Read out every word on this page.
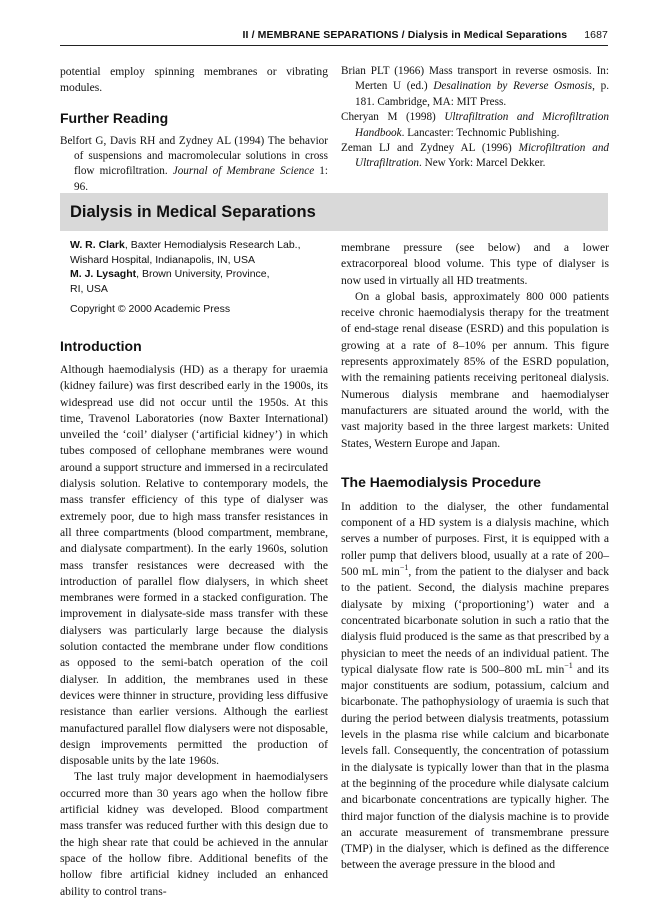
II / MEMBRANE SEPARATIONS / Dialysis in Medical Separations 1687

potential employ spinning membranes or vibrating modules.

Further Reading

Belfort G, Davis RH and Zydney AL (1994) The behavior of suspensions and macromolecular solutions in cross flow microfiltration. Journal of Membrane Science 1: 96.

Brian PLT (1966) Mass transport in reverse osmosis. In: Merten U (ed.) Desalination by Reverse Osmosis, p. 181. Cambridge, MA: MIT Press.

Cheryan M (1998) Ultrafiltration and Microfiltration Handbook. Lancaster: Technomic Publishing.

Zeman LJ and Zydney AL (1996) Microfiltration and Ultrafiltration. New York: Marcel Dekker.

Dialysis in Medical Separations
W. R. Clark, Baxter Hemodialysis Research Lab.,
Wishard Hospital, Indianapolis, IN, USA
M. J. Lysaght, Brown University, Province,
RI, USA
Copyright © 2000 Academic Press
Introduction

Although haemodialysis (HD) as a therapy for uraemia (kidney failure) was first described early in the 1900s, its widespread use did not occur until the 1950s. At this time, Travenol Laboratories (now Baxter International) unveiled the ‘coil’ dialyser (‘artificial kidney’) in which tubes composed of cellophane membranes were wound around a support structure and immersed in a recirculated dialysis solution. Relative to contemporary models, the mass transfer efficiency of this type of dialyser was extremely poor, due to high mass transfer resistances in all three compartments (blood compartment, membrane, and dialysate compartment). In the early 1960s, solution mass transfer resistances were decreased with the introduction of parallel flow dialysers, in which sheet membranes were formed in a stacked configuration. The improvement in dialysate-side mass transfer with these dialysers was particularly large because the dialysis solution contacted the membrane under flow conditions as opposed to the semi-batch operation of the coil dialyser. In addition, the membranes used in these devices were thinner in structure, providing less diffusive resistance than earlier versions. Although the earliest manufactured parallel flow dialysers were not disposable, design improvements permitted the production of disposable units by the late 1960s.

The last truly major development in haemodialysers occurred more than 30 years ago when the hollow fibre artificial kidney was developed. Blood compartment mass transfer was reduced further with this design due to the high shear rate that could be achieved in the annular space of the hollow fibre. Additional benefits of the hollow fibre artificial kidney included an enhanced ability to control trans-

membrane pressure (see below) and a lower extracorporeal blood volume. This type of dialyser is now used in virtually all HD treatments.

On a global basis, approximately 800 000 patients receive chronic haemodialysis therapy for the treatment of end-stage renal disease (ESRD) and this population is growing at a rate of 8–10% per annum. This figure represents approximately 85% of the ESRD population, with the remaining patients receiving peritoneal dialysis. Numerous dialysis membrane and haemodialyser manufacturers are situated around the world, with the vast majority based in the three largest markets: United States, Western Europe and Japan.

The Haemodialysis Procedure

In addition to the dialyser, the other fundamental component of a HD system is a dialysis machine, which serves a number of purposes. First, it is equipped with a roller pump that delivers blood, usually at a rate of 200–500 mL $\min^{-1}$, from the patient to the dialyser and back to the patient. Second, the dialysis machine prepares dialysate by mixing (‘proportioning’) water and a concentrated bicarbonate solution in such a ratio that the dialysis fluid produced is the same as that prescribed by a physician to meet the needs of an individual patient. The typical dialysate flow rate is 500–800 mL $\min^{-1}$ and its major constituents are sodium, potassium, calcium and bicarbonate. The pathophysiology of uraemia is such that during the period between dialysis treatments, potassium levels in the plasma rise while calcium and bicarbonate levels fall. Consequently, the concentration of potassium in the dialysate is typically lower than that in the plasma at the beginning of the procedure while dialysate calcium and bicarbonate concentrations are typically higher. The third major function of the dialysis machine is to provide an accurate measurement of transmembrane pressure (TMP) in the dialyser, which is defined as the difference between the average pressure in the blood and
